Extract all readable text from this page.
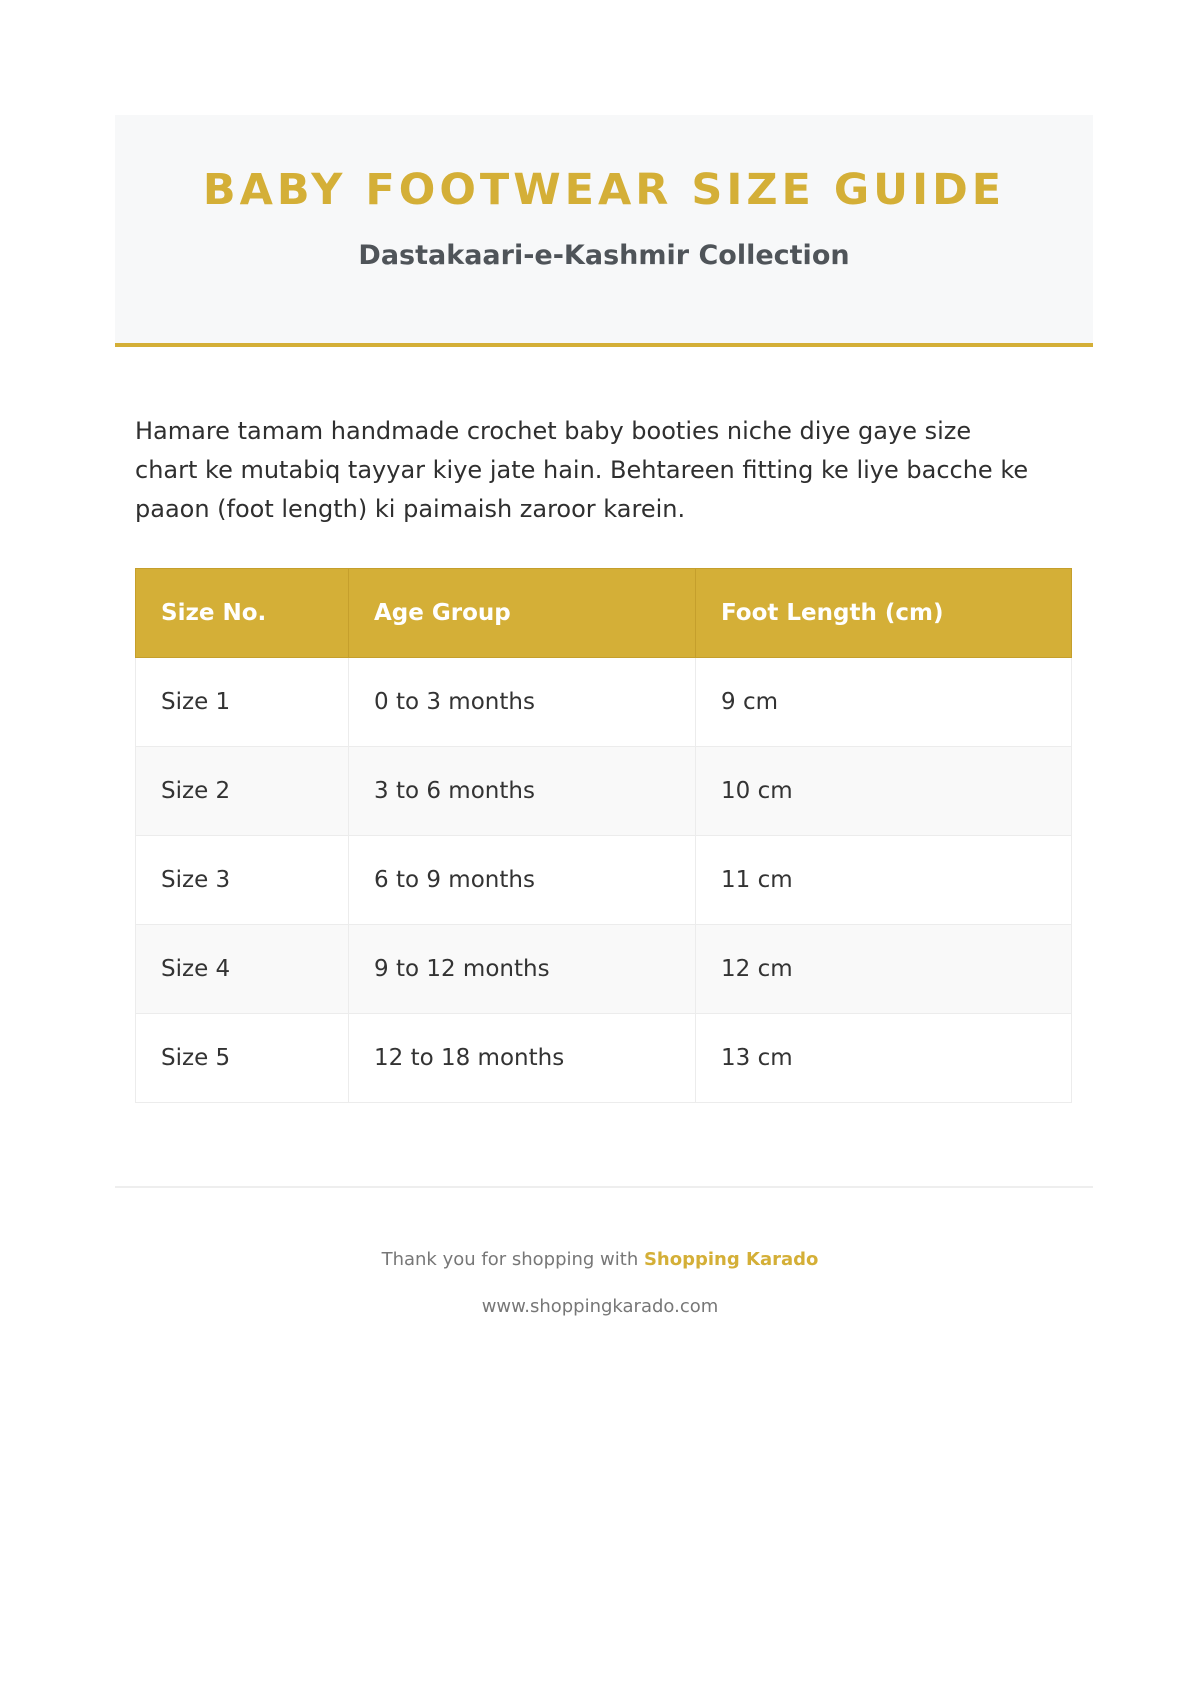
BABY FOOTWEAR SIZE GUIDE
Dastakaari-e-Kashmir Collection

Hamare tamam handmade crochet baby booties niche diye gaye size chart ke mutabiq tayyar kiye jate hain. Behtareen fitting ke liye bacche ke paaon (foot length) ki paimaish zaroor karein.

Size No.	Age Group	Foot Length (cm)
Size 1	0 to 3 months	9 cm
Size 2	3 to 6 months	10 cm
Size 3	6 to 9 months	11 cm
Size 4	9 to 12 months	12 cm
Size 5	12 to 18 months	13 cm

Thank you for shopping with Shopping Karado

www.shoppingkarado.com
